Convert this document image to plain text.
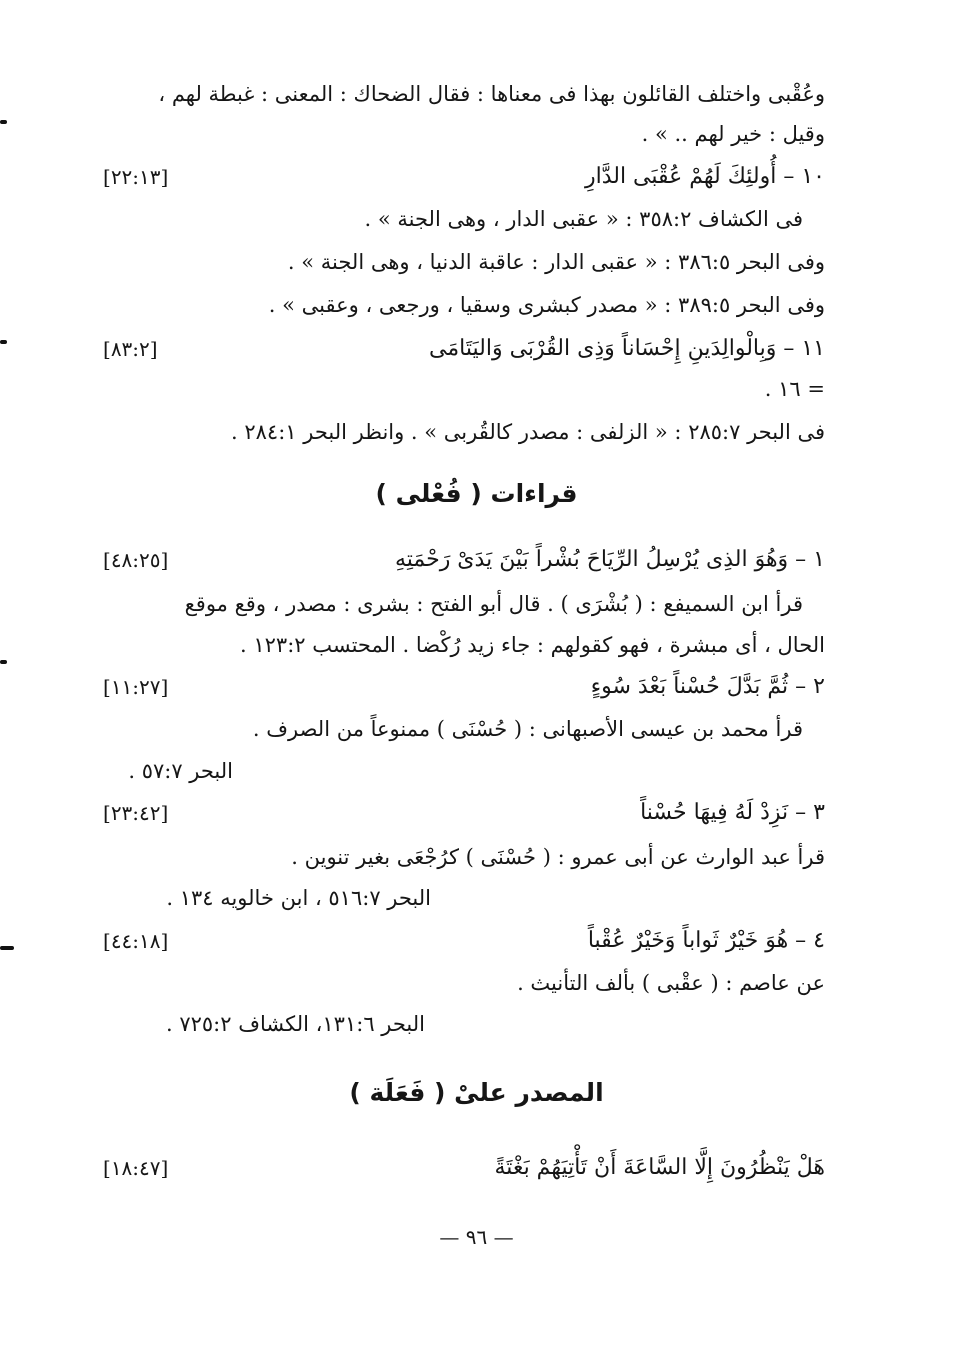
وعُقْبى واختلف القائلون بهذا فى معناها : فقال الضحاك : المعنى : غبطة لهم ،
وقيل : خير لهم .. » .
١٠ – أُولئِكَ لَهُمْ عُقْبَى الدَّارِ
[٢٢:١٣]
فى الكشاف ٣٥٨:٢ : « عقبى الدار ، وهى الجنة » .
وفى البحر ٣٨٦:٥ : « عقبى الدار : عاقبة الدنيا ، وهى الجنة » .
وفى البحر ٣٨٩:٥ : « مصدر كبشرى وسقيا ، ورجعى ، وعقبى » .
١١ – وَبِالْوالِدَينِ إِحْسَاناً وَذِى القُرْبَى وَاليَتَامَى
[٨٣:٢]
= ١٦ .
فى البحر ٢٨٥:٧ : « الزلفى : مصدر كالقُربى » . وانظر البحر ٢٨٤:١ .
قراءات ( فُعْلى )
١ – وَهُوَ الذِى يُرْسِلُ الرِّيَاحَ بُشْراً بَيْنَ يَدَىْ رَحْمَتِهِ
[٤٨:٢٥]
قرأ ابن السميفع : ( بُشْرَى ) . قال أبو الفتح : بشرى : مصدر ، وقع موقع
الحال ، أى مبشرة ، فهو كقولهم : جاء زيد رُكْضا . المحتسب ١٢٣:٢ .
٢ – ثُمَّ بَدَّلَ حُسْناً بَعْدَ سُوءٍ
[١١:٢٧]
قرأ محمد بن عيسى الأصبهانى : ( حُسْنَى ) ممنوعاً من الصرف .
البحر ٥٧:٧ .
٣ – نَزِدْ لَهُ فِيهَا حُسْناً
[٢٣:٤٢]
قرأ عبد الوارث عن أبى عمرو : ( حُسْنَى ) كرُجْعَى بغير تنوين .
البحر ٥١٦:٧ ، ابن خالويه ١٣٤ .
٤ – هُوَ خَيْرٌ ثَواباً وَخَيْرٌ عُقْباً
[٤٤:١٨]
عن عاصم : ( عقْبى ) بألف التأنيث .
البحر ١٣١:٦، الكشاف ٧٢٥:٢ .
المصدر علىْ ( فَعَلَة )
هَلْ يَنْظُرُونَ إِلَّا السَّاعَةَ أَنْ تَأْتِيَهُمْ بَغْتَةً
[١٨:٤٧]
— ٩٦ —
